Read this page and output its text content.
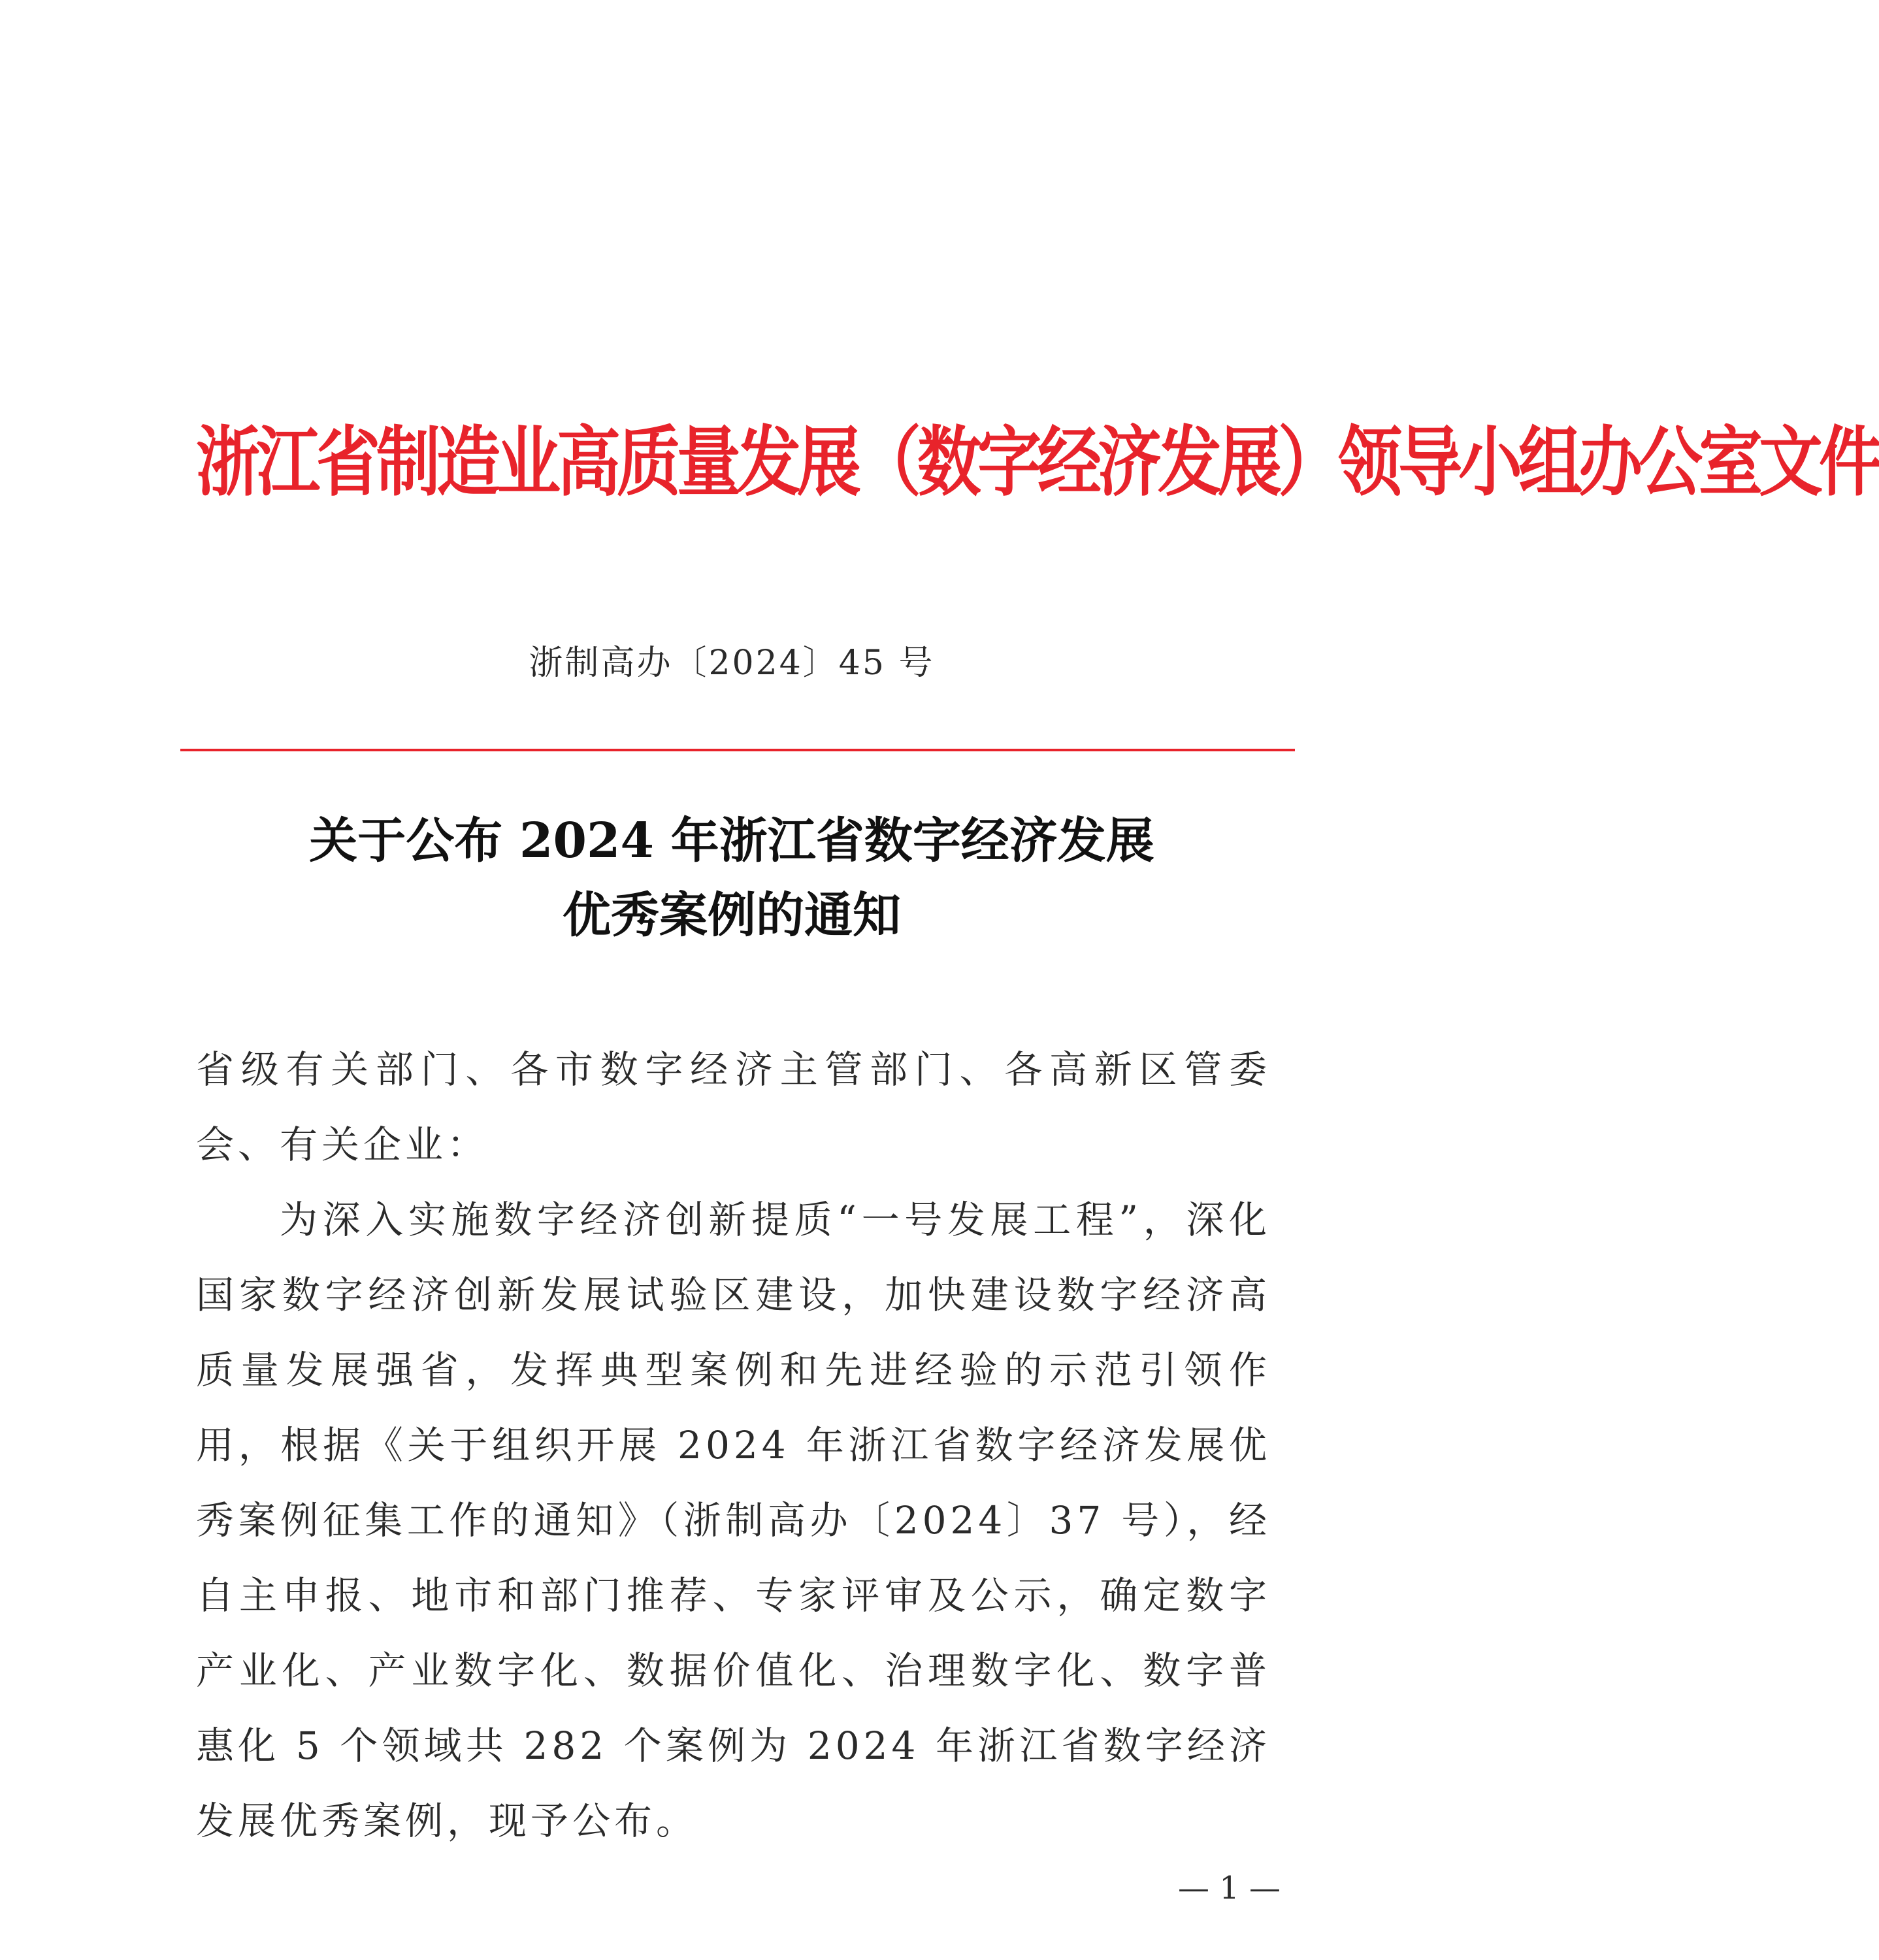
浙江省制造业高质量发展（数字经济发展）领导小组办公室文件
浙制高办〔2024〕45 号
关于公布 2024 年浙江省数字经济发展
优秀案例的通知

省级有关部门、各市数字经济主管部门、各高新区管委会、有关企业：

为深入实施数字经济创新提质“一号发展工程”，深化国家数字经济创新发展试验区建设，加快建设数字经济高质量发展强省，发挥典型案例和先进经验的示范引领作用，根据《关于组织开展 2024 年浙江省数字经济发展优秀案例征集工作的通知》（浙制高办〔2024〕37 号），经自主申报、地市和部门推荐、专家评审及公示，确定数字产业化、产业数字化、数据价值化、治理数字化、数字普惠化 5 个领域共 282 个案例为 2024 年浙江省数字经济发展优秀案例，现予公布。

— 1 —
